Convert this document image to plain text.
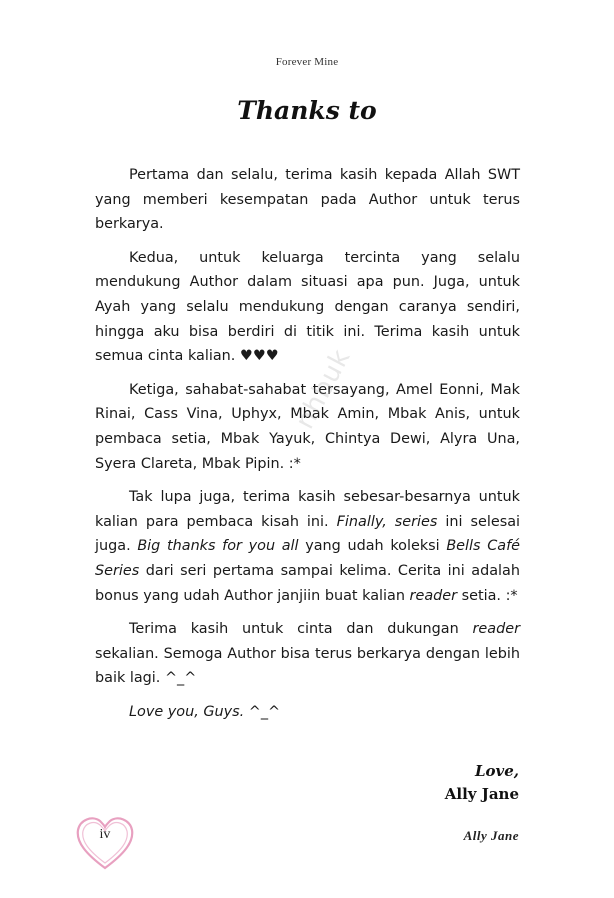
Forever Mine
Thanks to

Pertama dan selalu, terima kasih kepada Allah SWT yang memberi kesempatan pada Author untuk terus berkarya.

Kedua, untuk keluarga tercinta yang selalu mendukung Author dalam situasi apa pun. Juga, untuk Ayah yang selalu mendukung dengan caranya sendiri, hingga aku bisa berdiri di titik ini. Terima kasih untuk semua cinta kalian. ♥♥♥

Ketiga, sahabat-sahabat tersayang, Amel Eonni, Mak Rinai, Cass Vina, Uphyx, Mbak Amin, Mbak Anis, untuk pembaca setia, Mbak Yayuk, Chintya Dewi, Alyra Una, Syera Clareta, Mbak Pipin. :*

Tak lupa juga, terima kasih sebesar-besarnya untuk kalian para pembaca kisah ini. Finally, series ini selesai juga. Big thanks for you all yang udah koleksi Bells Café Series dari seri pertama sampai kelima. Cerita ini adalah bonus yang udah Author janjiin buat kalian reader setia. :*

Terima kasih untuk cinta dan dukungan reader sekalian. Semoga Author bisa terus berkarya dengan lebih baik lagi. ^_^

Love you, Guys. ^_^

nhbuk
Love,
Ally Jane
iv	Ally Jane
